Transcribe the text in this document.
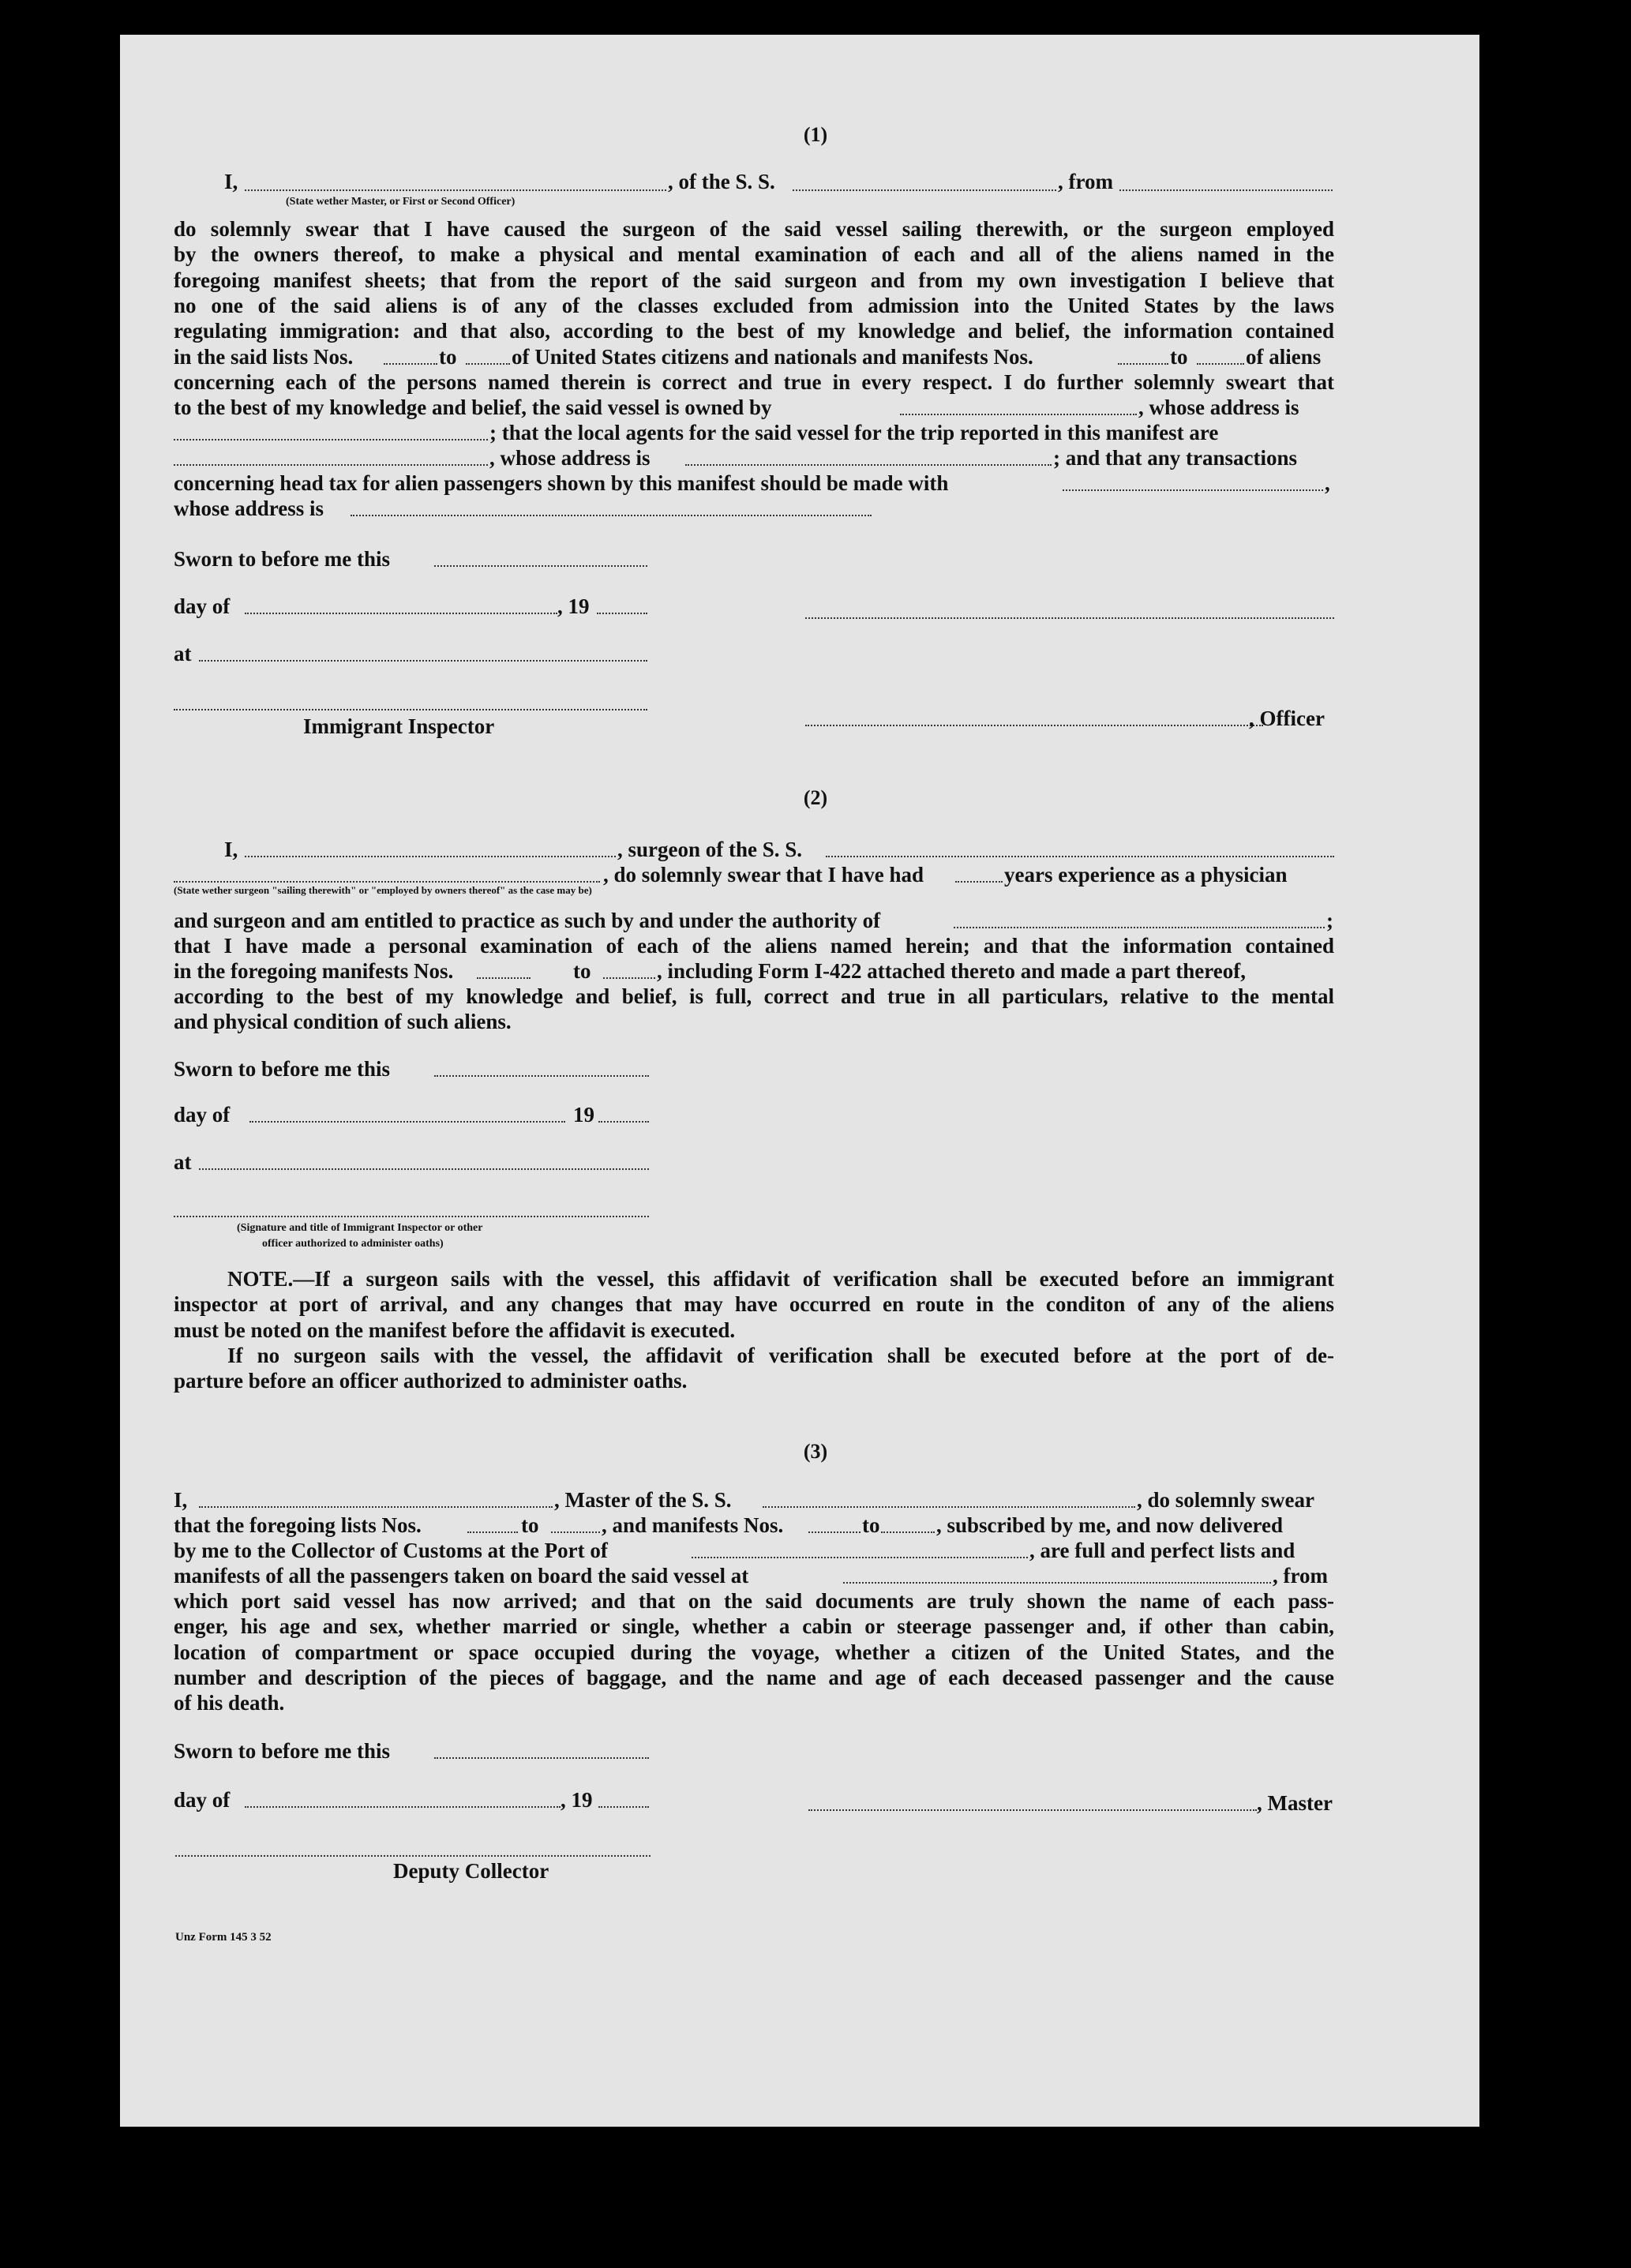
(1)
I,
(State wether Master, or First or Second Officer)
, of the S. S.	, from
do solemnly swear that I have caused the surgeon of the said vessel sailing therewith, or the surgeon employed
by the owners thereof, to make a physical and mental examination of each and all of the aliens named in the
foregoing manifest sheets; that from the report of the said surgeon and from my own investigation I believe that
no one of the said aliens is of any of the classes excluded from admission into the United States by the laws
regulating immigration: and that also, according to the best of my knowledge and belief, the information contained
in the said lists Nos.	to	of United States citizens and nationals and manifests Nos.	to	of aliens
concerning each of the persons named therein is correct and true in every respect. I do further solemnly sweart that
to the best of my knowledge and belief, the said vessel is owned by	, whose address is
; that the local agents for the said vessel for the trip reported in this manifest are
, whose address is	; and that any transactions
concerning head tax for alien passengers shown by this manifest should be made with	,
whose address is
Sworn to before me this
day of	, 19
at
Immigrant Inspector	, Officer
(2)
I,	, surgeon of the S. S.
, do solemnly swear that I have had	years experience as a physician
(State wether surgeon "sailing therewith" or "employed by owners thereof" as the case may be)
and surgeon and am entitled to practice as such by and under the authority of	;
that I have made a personal examination of each of the aliens named herein; and that the information contained
in the foregoing manifests Nos.	to	, including Form I-422 attached thereto and made a part thereof,
according to the best of my knowledge and belief, is full, correct and true in all particulars, relative to the mental
and physical condition of such aliens.
Sworn to before me this
day of	19
at
(Signature and title of Immigrant Inspector or other
officer authorized to administer oaths)
NOTE.—If a surgeon sails with the vessel, this affidavit of verification shall be executed before an immigrant
inspector at port of arrival, and any changes that may have occurred en route in the conditon of any of the aliens
must be noted on the manifest before the affidavit is executed.
If no surgeon sails with the vessel, the affidavit of verification shall be executed before at the port of de-
parture before an officer authorized to administer oaths.
(3)
I,	, Master of the S. S.	, do solemnly swear
that the foregoing lists Nos.	to	, and manifests Nos.	to	, subscribed by me, and now delivered
by me to the Collector of Customs at the Port of	, are full and perfect lists and
manifests of all the passengers taken on board the said vessel at	, from
which port said vessel has now arrived; and that on the said documents are truly shown the name of each pass-
enger, his age and sex, whether married or single, whether a cabin or steerage passenger and, if other than cabin,
location of compartment or space occupied during the voyage, whether a citizen of the United States, and the
number and description of the pieces of baggage, and the name and age of each deceased passenger and the cause
of his death.
Sworn to before me this
day of	, 19	, Master
Deputy Collector
Unz Form 145 3 52
